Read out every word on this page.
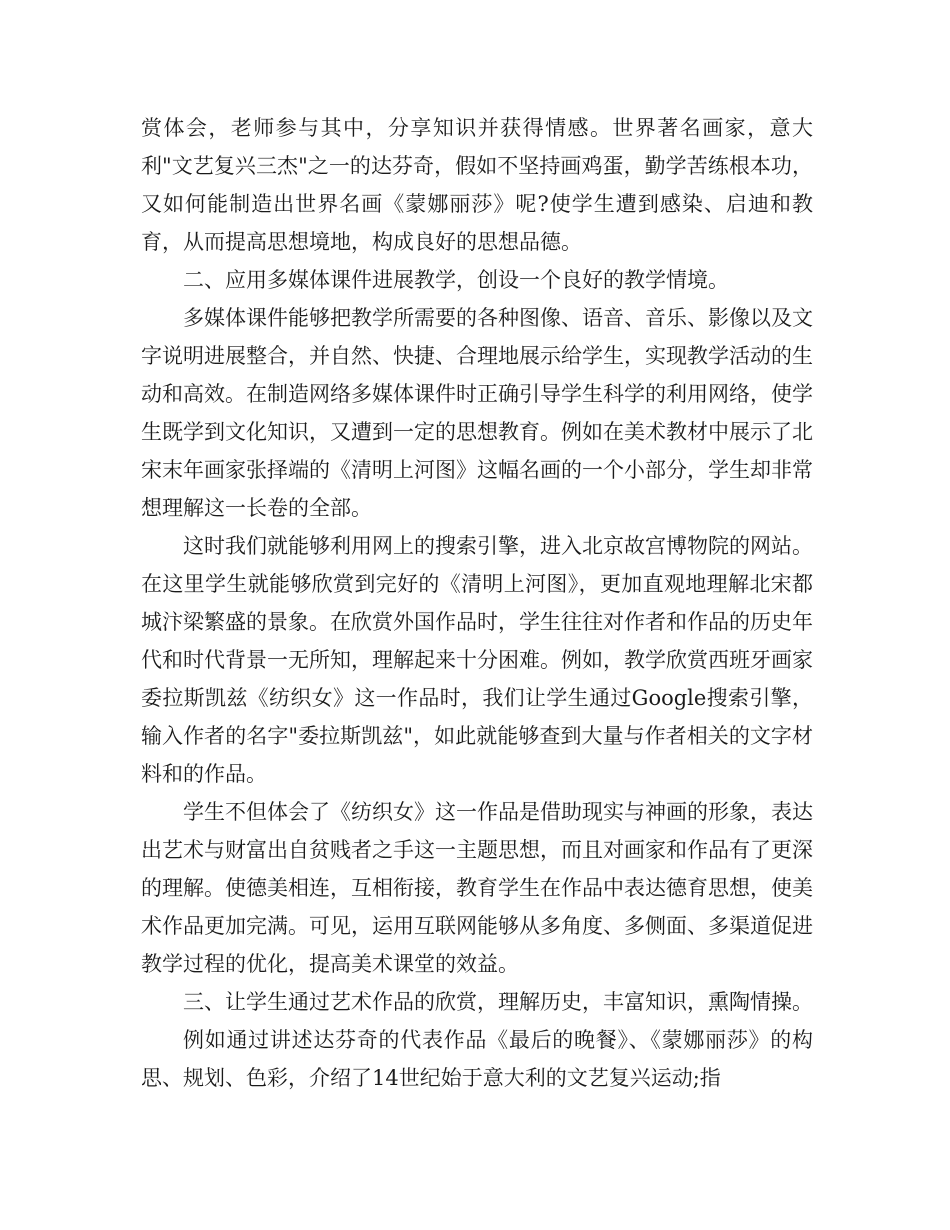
赏体会，老师参与其中，分享知识并获得情感。世界著名画家，意大利"文艺复兴三杰"之一的达芬奇，假如不坚持画鸡蛋，勤学苦练根本功，又如何能制造出世界名画《蒙娜丽莎》呢?使学生遭到感染、启迪和教育，从而提高思想境地，构成良好的思想品德。

二、应用多媒体课件进展教学，创设一个良好的教学情境。

多媒体课件能够把教学所需要的各种图像、语音、音乐、影像以及文字说明进展整合，并自然、快捷、合理地展示给学生，实现教学活动的生动和高效。在制造网络多媒体课件时正确引导学生科学的利用网络，使学生既学到文化知识，又遭到一定的思想教育。例如在美术教材中展示了北宋末年画家张择端的《清明上河图》这幅名画的一个小部分，学生却非常想理解这一长卷的全部。

这时我们就能够利用网上的搜索引擎，进入北京故宫博物院的网站。在这里学生就能够欣赏到完好的《清明上河图》，更加直观地理解北宋都城汴梁繁盛的景象。在欣赏外国作品时，学生往往对作者和作品的历史年代和时代背景一无所知，理解起来十分困难。例如，教学欣赏西班牙画家委拉斯凯兹《纺织女》这一作品时，我们让学生通过Google搜索引擎，输入作者的名字"委拉斯凯兹"，如此就能够查到大量与作者相关的文字材料和的作品。

学生不但体会了《纺织女》这一作品是借助现实与神画的形象，表达出艺术与财富出自贫贱者之手这一主题思想，而且对画家和作品有了更深的理解。使德美相连，互相衔接，教育学生在作品中表达德育思想，使美术作品更加完满。可见，运用互联网能够从多角度、多侧面、多渠道促进教学过程的优化，提高美术课堂的效益。

三、让学生通过艺术作品的欣赏，理解历史，丰富知识，熏陶情操。

例如通过讲述达芬奇的代表作品《最后的晚餐》、《蒙娜丽莎》的构思、规划、色彩，介绍了14世纪始于意大利的文艺复兴运动;指
